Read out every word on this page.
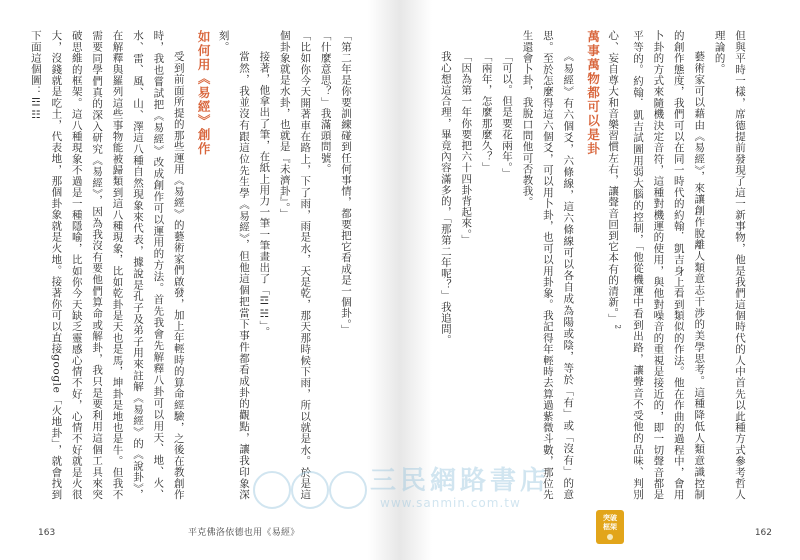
「第二年是你要訓練碰到任何事情，都要把它看成是一個卦。」

「什麼意思？」我滿頭問號。

「比如你今天開著車在路上，下了雨，雨是水，天是乾，那天那時候下雨，所以就是水。於是這個卦象就是水卦，也就是『未濟卦』。」

接著，他拿出了筆，在紙上用力一筆一筆畫出了「☲☵」。

當然，我並沒有跟這位先生學《易經》，但他這個把當下事件都看成卦的觀點，讓我印象深刻。

如何用《易經》創作

受到前面所提的那些運用《易經》的藝術家們啟發，加上年輕時的算命經驗，之後在教創作時，我也嘗試把《易經》改成創作可以運用的方法。首先我會先解釋八卦可以用天、地、火、水、雷、風、山、澤這八種自然現象來代表，據說是孔子及弟子用來註解《易經》的《說卦》，在解釋與羅列這些事物能被歸類到這八種現象，比如乾卦是天也是馬，坤卦是地也是牛。但我不需要同學們真的深入研究《易經》，因為我沒有要他們算命或解卦，我只是要利用這個工具來突破思維的框架。這八種現象不過是一種隱喻，比如你今天缺乏靈感心情不好，心情不好就是火很大，沒錢就是吃土，代表地，那個卦象就是火地。接著你可以直接google「火地卦」，就會找到下面這個圖：☲☷

163	平克佛洛依德也用《易經》

但與平時一樣，席德提前發現了這一新事物，他是我們這個時代的人中首先以此種方式參考哲人理論的。

藝術家可以藉由《易經》，來讓創作脫離人類意志干涉的美學思考。這種降低人類意識控制的創作態度，我們可以在同一時代的約翰．凱吉身上看到類似的作法。他在作曲的過程中，會用卜卦的方式來隨機決定音符，這種對機運的使用，與他對噪音的重視是接近的，即一切聲音都是平等的。約翰．凱吉試圖用弱大腦的控制，「他從機運中看到出路，讓聲音不受他的品味、判別心、妄自尊大和音樂習慣左右，讓聲音回到它本有的清新。」$^2$

萬事萬物都可以是卦

《易經》有六個爻，六條線，這六條線可以各自成為陽或陰，等於「有」或「沒有」的意思。至於怎麼得這六個爻，可以用卜卦，也可以用卦象。我記得年輕時去算過紫微斗數，那位先生還會卜卦，我脫口問他可否教我。

「可以。但是要花兩年。」

「兩年，怎麼那麼久？」

「因為第一年你要把六十四卦背起來。」

我心想這合理，畢竟內容滿多的，「那第二年呢？」我追問。

突破
框架
162
三民網路書店
www.sanmin.com.tw
